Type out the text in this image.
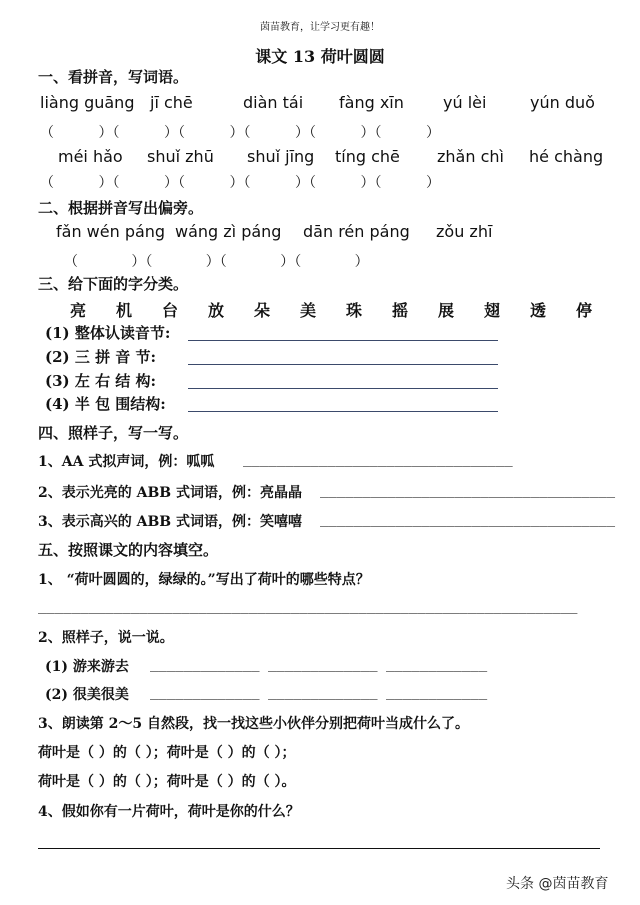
茵苗教育，让学习更有趣！
课文 13 荷叶圆圆
一、看拼音，写词语。
liàng guāng jī chē	diàn tái fàng xīn yú lèi	yún duǒ
（          ）（          ）（          ）（          ）（          ）（          ）
méi hǎo shuǐ zhū shuǐ jīng tíng chē zhǎn chì hé chàng
（          ）（          ）（          ）（          ）（          ）（          ）
二、根据拼音写出偏旁。
fǎn wén páng wáng zì páng dān rén páng zǒu zhī
（            ）（            ）（            ）（            ）
三、给下面的字分类。
亮 机 台 放 朵 美 珠 摇 展 翅 透 停
(1) 整体认读音节:
(2) 三 拼 音 节:
(3) 左 右 结 构:
(4) 半 包 围结构:
四、照样子，写一写。
1、AA 式拟声词，例：呱呱 ________________________________
2、表示光亮的 ABB 式词语，例：亮晶晶 ___________________________________
3、表示高兴的 ABB 式词语，例：笑嘻嘻 ___________________________________
五、按照课文的内容填空。
1、 “荷叶圆圆的，绿绿的。”写出了荷叶的哪些特点？
________________________________________________________________
2、照样子，说一说。
(1) 游来游去 _____________ _____________ ____________
(2) 很美很美 _____________ _____________ ____________
3、朗读第 2～5 自然段，找一找这些小伙伴分别把荷叶当成什么了。
荷叶是（ ）的（ ）；荷叶是（ ）的（ ）；
荷叶是（ ）的（ ）；荷叶是（ ）的（ ）。
4、假如你有一片荷叶，荷叶是你的什么？
头条 @茵苗教育
